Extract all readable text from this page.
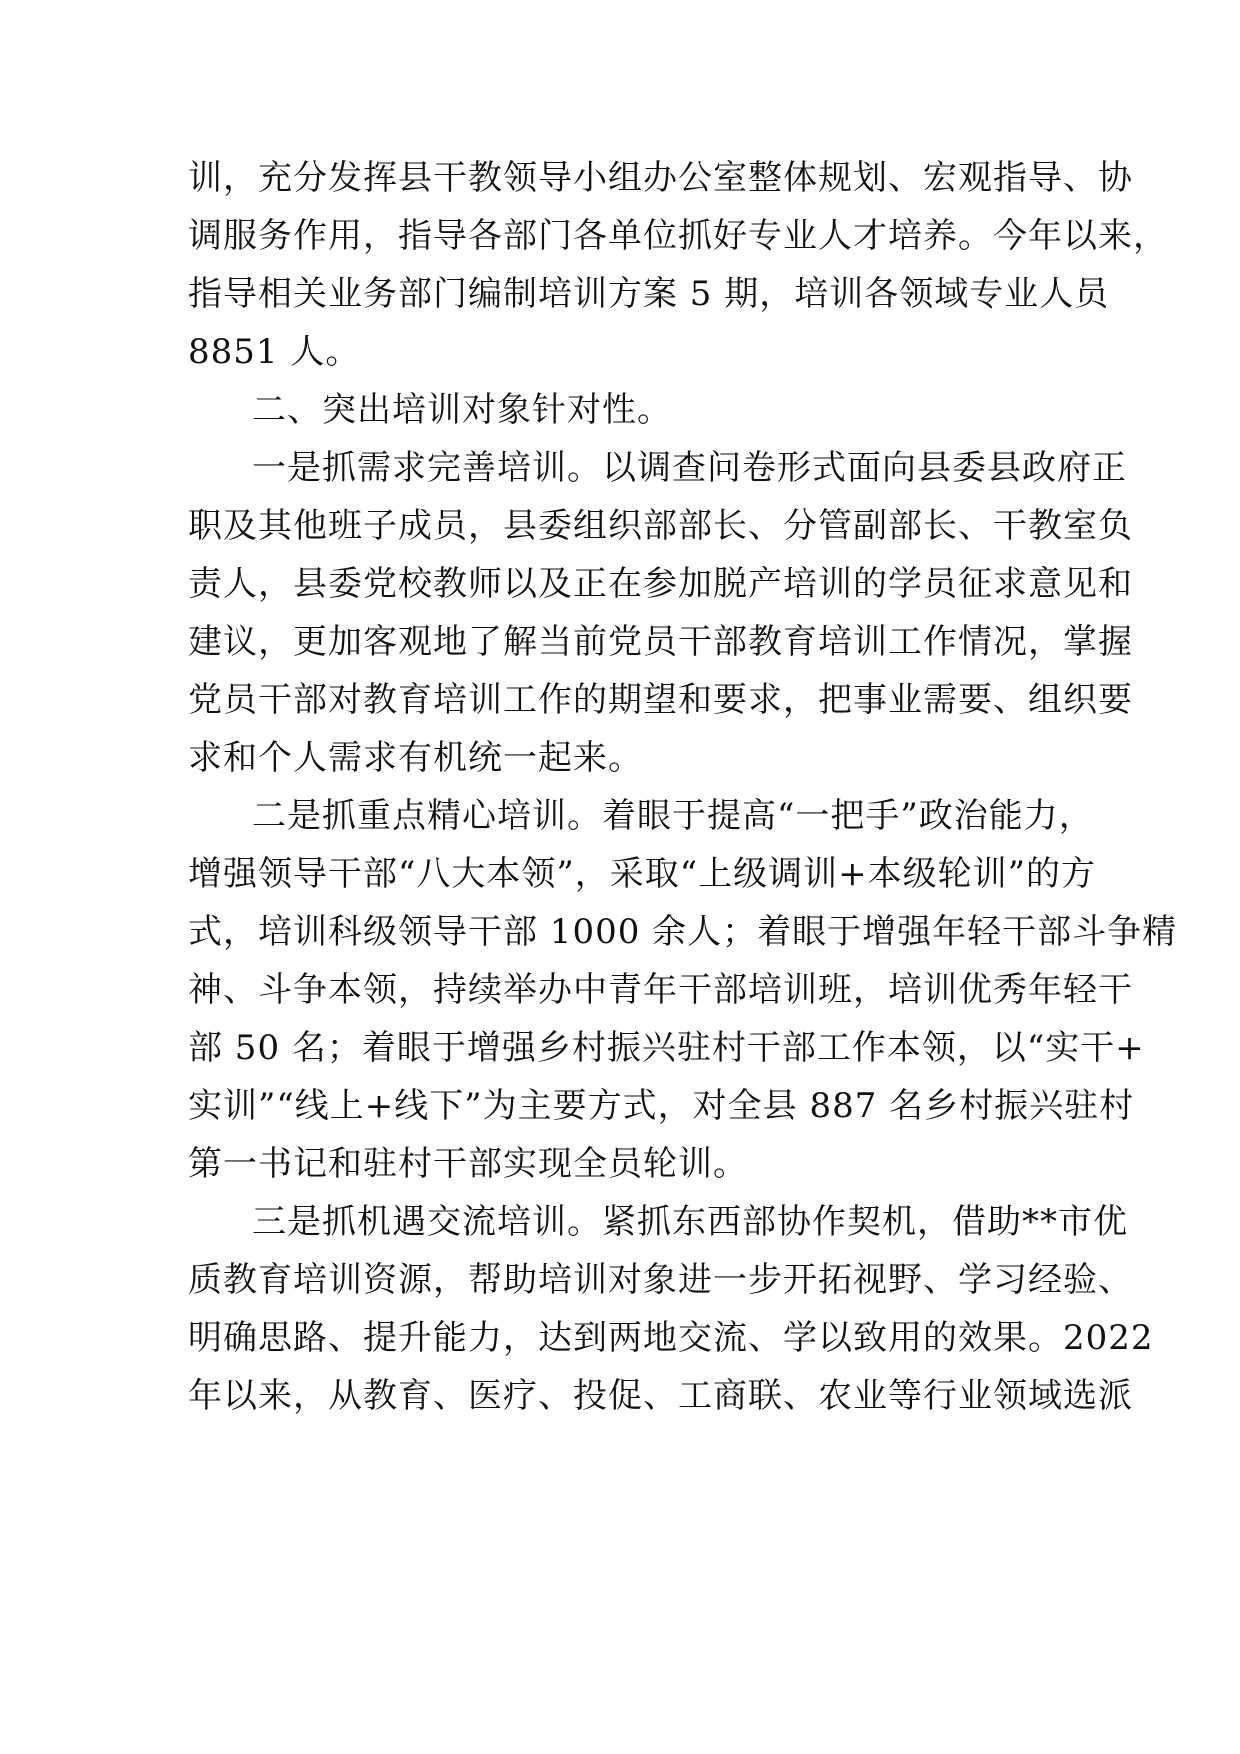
训，充分发挥县干教领导小组办公室整体规划、宏观指导、协
调服务作用，指导各部门各单位抓好专业人才培养。今年以来，
指导相关业务部门编制培训方案 5 期，培训各领域专业人员
8851 人。
二、突出培训对象针对性。
一是抓需求完善培训。以调查问卷形式面向县委县政府正
职及其他班子成员，县委组织部部长、分管副部长、干教室负
责人，县委党校教师以及正在参加脱产培训的学员征求意见和
建议，更加客观地了解当前党员干部教育培训工作情况，掌握
党员干部对教育培训工作的期望和要求，把事业需要、组织要
求和个人需求有机统一起来。
二是抓重点精心培训。着眼于提高“一把手”政治能力，
增强领导干部“八大本领”，采取“上级调训+本级轮训”的方
式，培训科级领导干部 1000 余人；着眼于增强年轻干部斗争精
神、斗争本领，持续举办中青年干部培训班，培训优秀年轻干
部 50 名；着眼于增强乡村振兴驻村干部工作本领，以“实干+
实训”“线上+线下”为主要方式，对全县 887 名乡村振兴驻村
第一书记和驻村干部实现全员轮训。
三是抓机遇交流培训。紧抓东西部协作契机，借助**市优
质教育培训资源，帮助培训对象进一步开拓视野、学习经验、
明确思路、提升能力，达到两地交流、学以致用的效果。2022
年以来，从教育、医疗、投促、工商联、农业等行业领域选派
